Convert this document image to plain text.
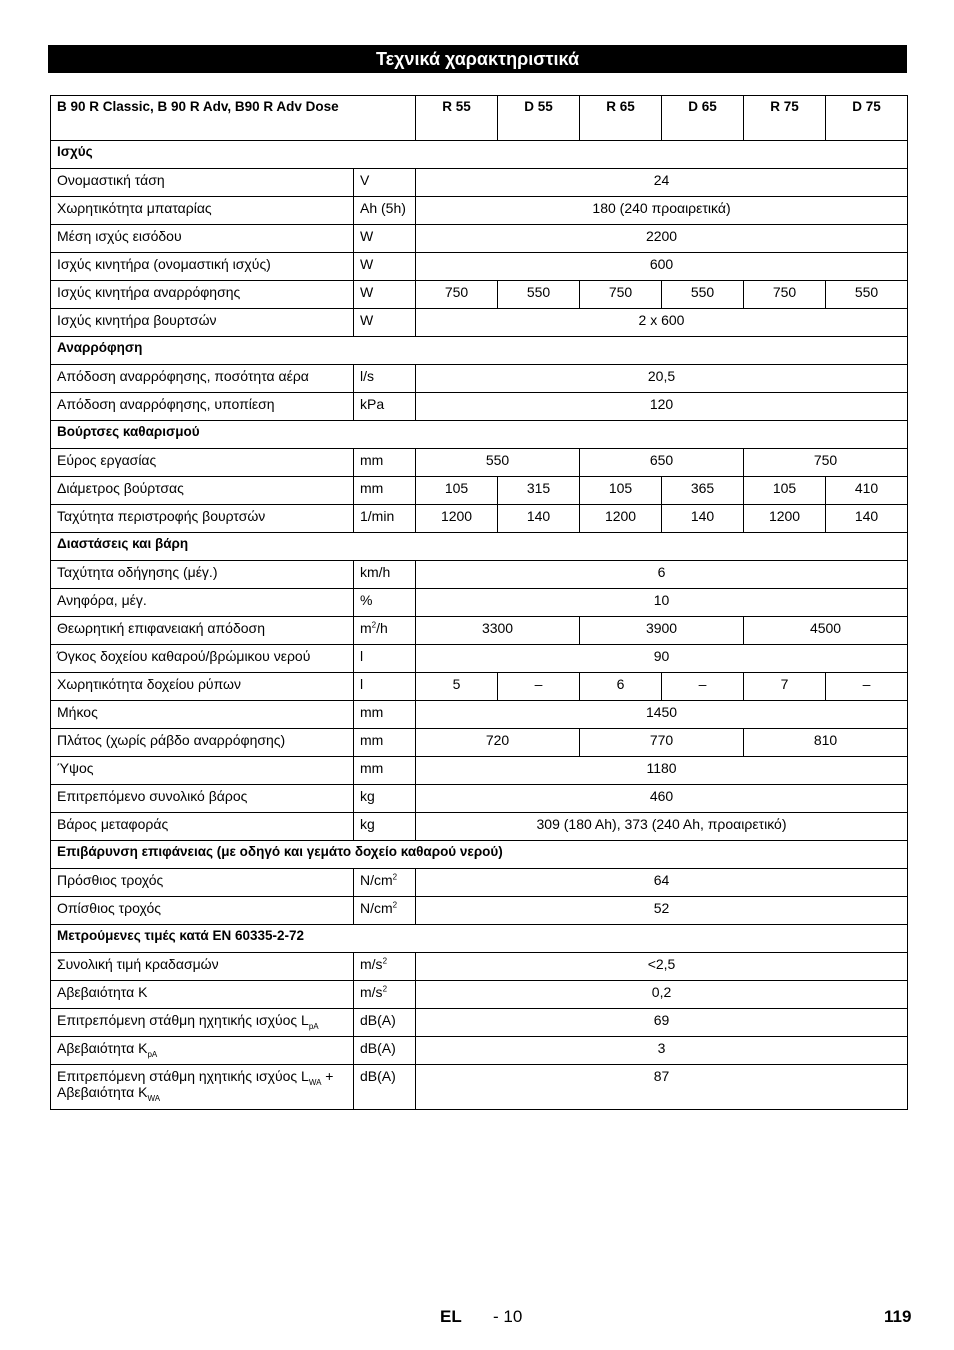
Τεχνικά χαρακτηριστικά
B 90 R Classic, B 90 R Adv, B90 R Adv Dose		R 55	D 55	R 65	D 65	R 75	D 75
Ισχύς							
Ονομαστική τάση	V	24					
Χωρητικότητα μπαταρίας	Ah (5h)	180 (240 προαιρετικά)					
Μέση ισχύς εισόδου	W	2200					
Ισχύς κινητήρα (ονομαστική ισχύς)	W	600					
Ισχύς κινητήρα αναρρόφησης	W	750	550	750	550	750	550
Ισχύς κινητήρα βουρτσών	W	2 x 600					
Αναρρόφηση							
Απόδοση αναρρόφησης, ποσότητα αέρα	l/s	20,5					
Απόδοση αναρρόφησης, υποπίεση	kPa	120					
Βούρτσες καθαρισμού							
Εύρος εργασίας	mm	550		650		750	
Διάμετρος βούρτσας	mm	105	315	105	365	105	410
Ταχύτητα περιστροφής βουρτσών	1/min	1200	140	1200	140	1200	140
Διαστάσεις και βάρη							
Ταχύτητα οδήγησης (μέγ.)	km/h	6					
Ανηφόρα, μέγ.	%	10					
Θεωρητική επιφανειακή απόδοση	$m^2/h$	3300		3900		4500	
Όγκος δοχείου καθαρού/βρώμικου νερού	l	90					
Χωρητικότητα δοχείου ρύπων	l	5	–	6	–	7	–
Μήκος	mm	1450					
Πλάτος (χωρίς ράβδο αναρρόφησης)	mm	720		770		810	
Ύψος	mm	1180					
Επιτρεπόμενο συνολικό βάρος	kg	460					
Βάρος μεταφοράς	kg	309 (180 Ah), 373 (240 Ah, προαιρετικό)					
Επιβάρυνση επιφάνειας (με οδηγό και γεμάτο δοχείο καθαρού νερού)							
Πρόσθιος τροχός	$N/cm^2$	64					
Οπίσθιος τροχός	$N/cm^2$	52					
Μετρούμενες τιμές κατά EN 60335-2-72							
Συνολική τιμή κραδασμών	$m/s^2$	<2,5					
Αβεβαιότητα K	$m/s^2$	0,2					
Επιτρεπόμενη στάθμη ηχητικής ισχύος $L_{pA}$	dB(A)	69					
Αβεβαιότητα $K_{pA}$	dB(A)	3					
Επιτρεπόμενη στάθμη ηχητικής ισχύος $L_{WA} + A\beta\varepsilon\beta\alpha\iota ό\tau\eta\tau\alpha$ $K_{WA}$	dB(A)	87					
EL - 10	119
